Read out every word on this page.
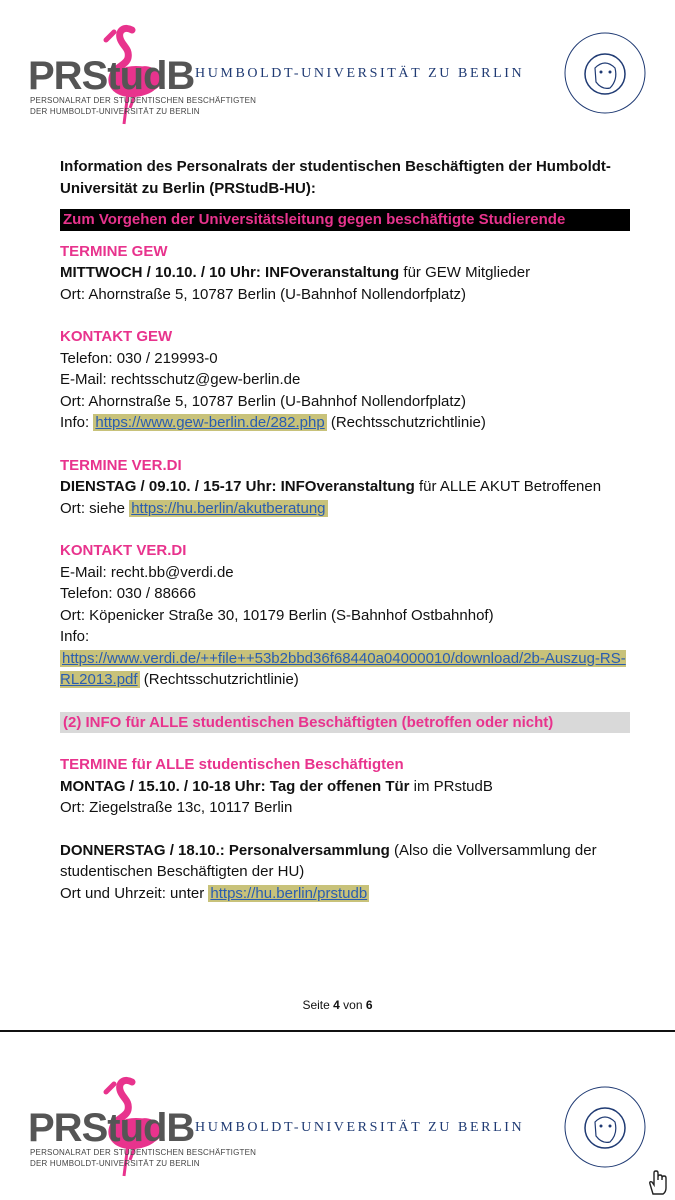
PRStudB
PERSONALRAT DER STUDENTISCHEN BESCHÄFTIGTEN
DER HUMBOLDT-UNIVERSITÄT ZU BERLIN
HUMBOLDT-UNIVERSITÄT ZU BERLIN
Information des Personalrats der studentischen Beschäftigten der Humboldt-Universität zu Berlin (PRStudB-HU):
Zum Vorgehen der Universitätsleitung gegen beschäftigte Studierende
TERMINE GEW
MITTWOCH / 10.10. / 10 Uhr: INFOveranstaltung für GEW Mitglieder
Ort: Ahornstraße 5, 10787 Berlin (U-Bahnhof Nollendorfplatz)
KONTAKT GEW
Telefon: 030 / 219993-0
E-Mail: rechtsschutz@gew-berlin.de
Ort: Ahornstraße 5, 10787 Berlin (U-Bahnhof Nollendorfplatz)
Info: https://www.gew-berlin.de/282.php (Rechtsschutzrichtlinie)
TERMINE VER.DI
DIENSTAG / 09.10. / 15-17 Uhr: INFOveranstaltung für ALLE AKUT Betroffenen
Ort: siehe https://hu.berlin/akutberatung
KONTAKT VER.DI
E-Mail: recht.bb@verdi.de
Telefon: 030 / 88666
Ort: Köpenicker Straße 30, 10179 Berlin (S-Bahnhof Ostbahnhof)
Info:
https://www.verdi.de/++file++53b2bbd36f68440a04000010/download/2b-Auszug-RS-RL2013.pdf (Rechtsschutzrichtlinie)
(2) INFO für ALLE studentischen Beschäftigten (betroffen oder nicht)
TERMINE für ALLE studentischen Beschäftigten
MONTAG / 15.10. / 10-18 Uhr: Tag der offenen Tür im PRstudB
Ort: Ziegelstraße 13c, 10117 Berlin
DONNERSTAG / 18.10.: Personalversammlung (Also die Vollversammlung der studentischen Beschäftigten der HU)
Ort und Uhrzeit: unter https://hu.berlin/prstudb
Seite 4 von 6
PRStudB
PERSONALRAT DER STUDENTISCHEN BESCHÄFTIGTEN
DER HUMBOLDT-UNIVERSITÄT ZU BERLIN
HUMBOLDT-UNIVERSITÄT ZU BERLIN
